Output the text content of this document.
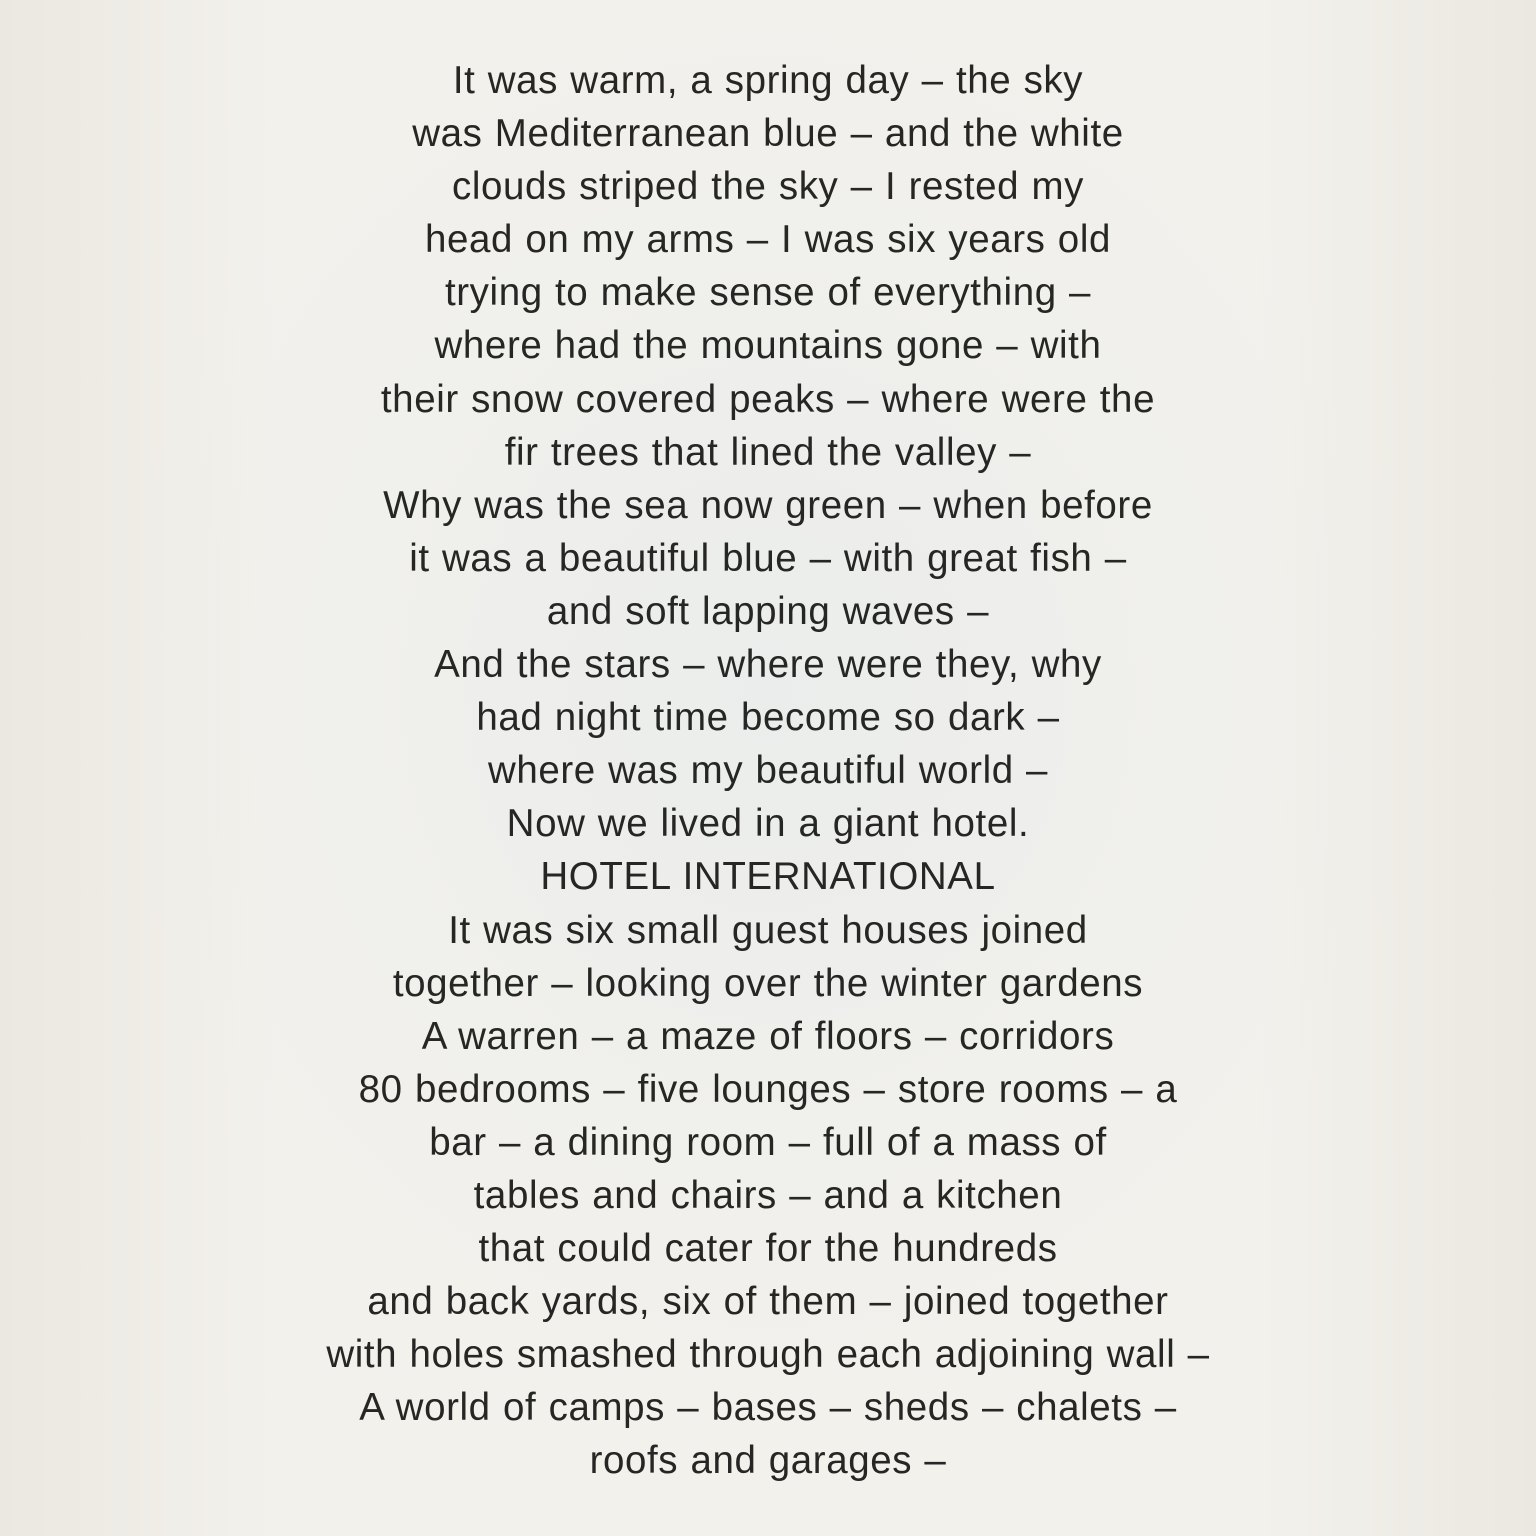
It was warm, a spring day – the sky
was Mediterranean blue – and the white
clouds striped the sky – I rested my
head on my arms – I was six years old
trying to make sense of everything –
where had the mountains gone – with
their snow covered peaks – where were the
fir trees that lined the valley –
Why was the sea now green – when before
it was a beautiful blue – with great fish –
and soft lapping waves –
And the stars – where were they, why
had night time become so dark –
where was my beautiful world –
Now we lived in a giant hotel.
HOTEL INTERNATIONAL
It was six small guest houses joined
together – looking over the winter gardens
A warren – a maze of floors – corridors
80 bedrooms – five lounges – store rooms – a
bar – a dining room – full of a mass of
tables and chairs – and a kitchen
that could cater for the hundreds
and back yards, six of them – joined together
with holes smashed through each adjoining wall –
A world of camps – bases – sheds – chalets –
roofs and garages –
